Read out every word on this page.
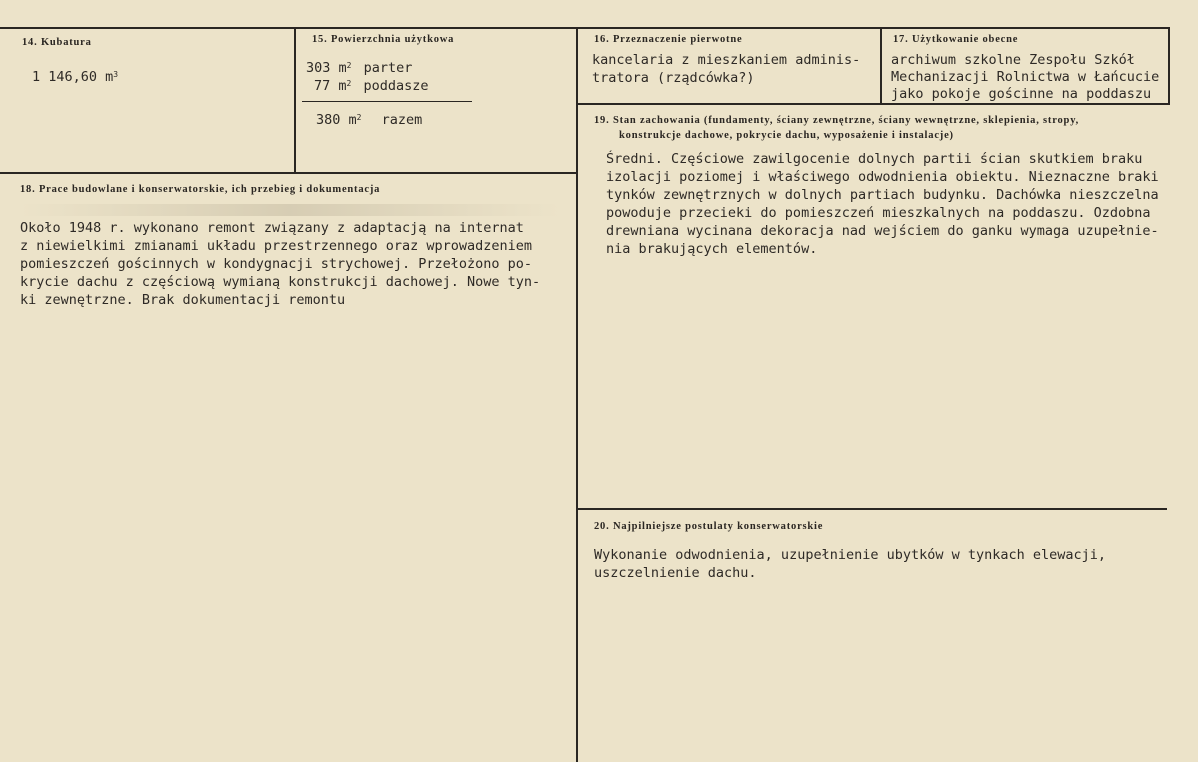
14. Kubatura
1 146,60 $m^3$
15. Powierzchnia użytkowa
303 $m^2$ parter
77 $m^2$ poddasze
380 $m^2$ razem
16. Przeznaczenie pierwotne
kancelaria z mieszkaniem adminis-
tratora (rządcówka?)
17. Użytkowanie obecne
archiwum szkolne Zespołu Szkół
Mechanizacji Rolnictwa w Łańcucie
jako pokoje gościnne na poddaszu
18. Prace budowlane i konserwatorskie, ich przebieg i dokumentacja
Około 1948 r. wykonano remont związany z adaptacją na internat
z niewielkimi zmianami układu przestrzennego oraz wprowadzeniem
pomieszczeń gościnnych w kondygnacji strychowej. Przełożono po-
krycie dachu z częściową wymianą konstrukcji dachowej. Nowe tyn-
ki zewnętrzne. Brak dokumentacji remontu
19. Stan zachowania (fundamenty, ściany zewnętrzne, ściany wewnętrzne, sklepienia, stropy,
konstrukcje dachowe, pokrycie dachu, wyposażenie i instalacje)
Średni. Częściowe zawilgocenie dolnych partii ścian skutkiem braku
izolacji poziomej i właściwego odwodnienia obiektu. Nieznaczne braki
tynków zewnętrznych w dolnych partiach budynku. Dachówka nieszczelna
powoduje przecieki do pomieszczeń mieszkalnych na poddaszu. Ozdobna
drewniana wycinana dekoracja nad wejściem do ganku wymaga uzupełnie-
nia brakujących elementów.
20. Najpilniejsze postulaty konserwatorskie
Wykonanie odwodnienia, uzupełnienie ubytków w tynkach elewacji,
uszczelnienie dachu.
